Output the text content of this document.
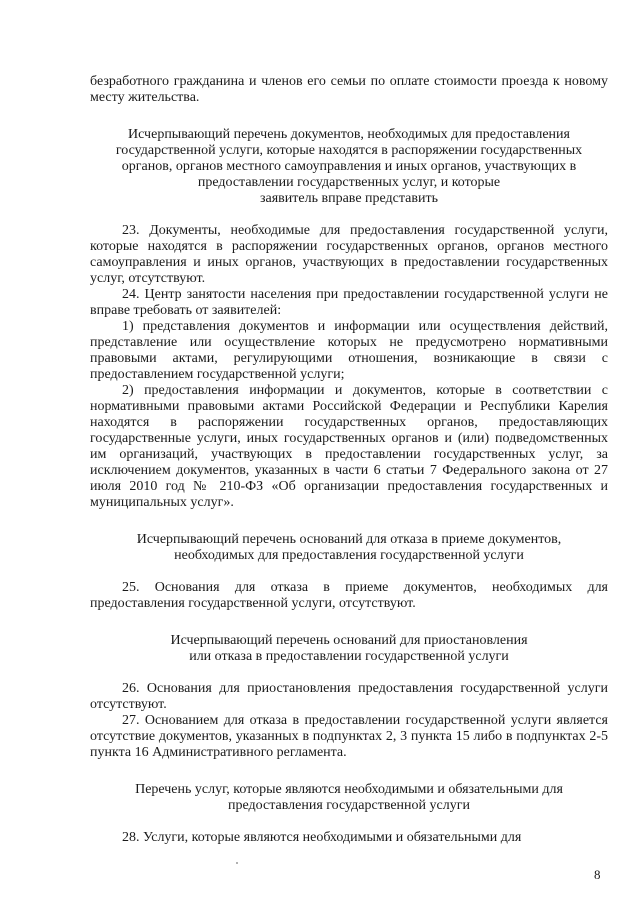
безработного гражданина и членов его семьи по оплате стоимости проезда к новому месту жительства.

Исчерпывающий перечень документов, необходимых для предоставления
государственной услуги, которые находятся в распоряжении государственных
органов, органов местного самоуправления и иных органов, участвующих в
предоставлении государственных услуг, и которые
заявитель вправе представить

23. Документы, необходимые для предоставления государственной услуги, которые находятся в распоряжении государственных органов, органов местного самоуправления и иных органов, участвующих в предоставлении государственных услуг, отсутствуют.

24. Центр занятости населения при предоставлении государственной услуги не вправе требовать от заявителей:

1) представления документов и информации или осуществления действий, представление или осуществление которых не предусмотрено нормативными правовыми актами, регулирующими отношения, возникающие в связи с предоставлением государственной услуги;

2) предоставления информации и документов, которые в соответствии с нормативными правовыми актами Российской Федерации и Республики Карелия находятся в распоряжении государственных органов, предоставляющих государственные услуги, иных государственных органов и (или) подведомственных им организаций, участвующих в предоставлении государственных услуг, за исключением документов, указанных в части 6 статьи 7 Федерального закона от 27 июля 2010 год № 210-ФЗ «Об организации предоставления государственных и муниципальных услуг».

Исчерпывающий перечень оснований для отказа в приеме документов,
необходимых для предоставления государственной услуги

25. Основания для отказа в приеме документов, необходимых для предоставления государственной услуги, отсутствуют.

Исчерпывающий перечень оснований для приостановления
или отказа в предоставлении государственной услуги

26. Основания для приостановления предоставления государственной услуги отсутствуют.

27. Основанием для отказа в предоставлении государственной услуги является отсутствие документов, указанных в подпунктах 2, 3 пункта 15 либо в подпунктах 2-5 пункта 16 Административного регламента.

Перечень услуг, которые являются необходимыми и обязательными для
предоставления государственной услуги

28. Услуги, которые являются необходимыми и обязательными для

8
